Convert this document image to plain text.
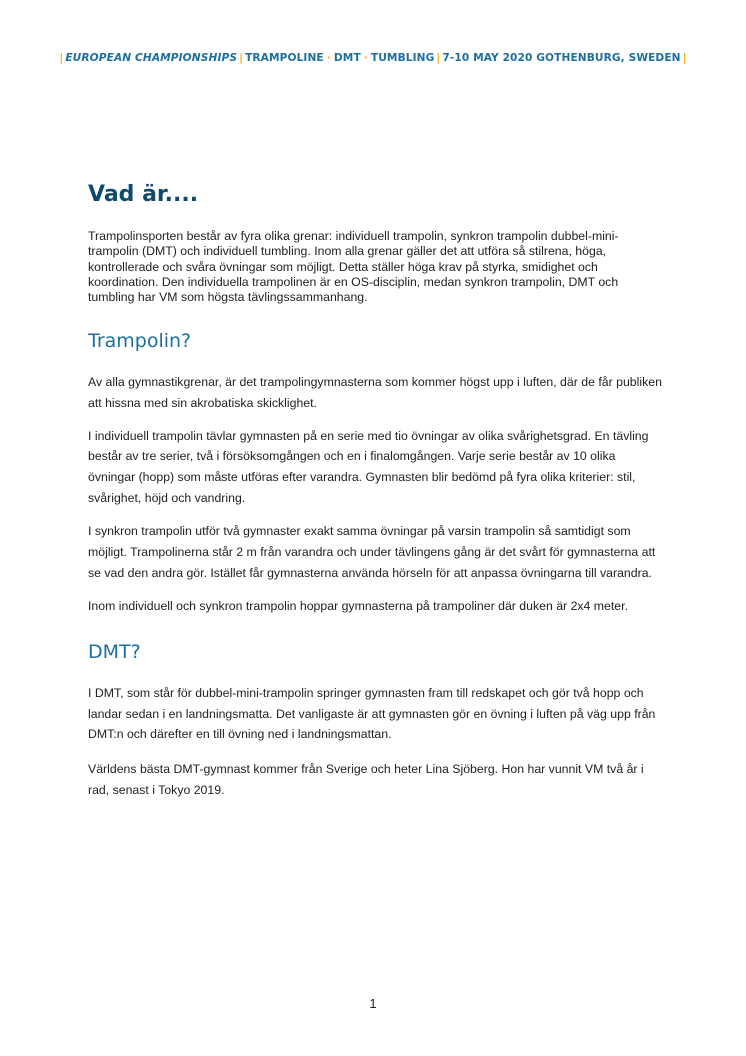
| EUROPEAN CHAMPIONSHIPS | TRAMPOLINE · DMT · TUMBLING | 7-10 MAY 2020 GOTHENBURG, SWEDEN |
Vad är....

Trampolinsporten består av fyra olika grenar: individuell trampolin, synkron trampolin dubbel-mini-trampolin (DMT) och individuell tumbling. Inom alla grenar gäller det att utföra så stilrena, höga, kontrollerade och svåra övningar som möjligt. Detta ställer höga krav på styrka, smidighet och koordination. Den individuella trampolinen är en OS-disciplin, medan synkron trampolin, DMT och tumbling har VM som högsta tävlingssammanhang.

Trampolin?

Av alla gymnastikgrenar, är det trampolingymnasterna som kommer högst upp i luften, där de får publiken att hissna med sin akrobatiska skicklighet.

I individuell trampolin tävlar gymnasten på en serie med tio övningar av olika svårighetsgrad. En tävling består av tre serier, två i försöksomgången och en i finalomgången. Varje serie består av 10 olika övningar (hopp) som måste utföras efter varandra. Gymnasten blir bedömd på fyra olika kriterier: stil, svårighet, höjd och vandring.

I synkron trampolin utför två gymnaster exakt samma övningar på varsin trampolin så samtidigt som möjligt. Trampolinerna står 2 m från varandra och under tävlingens gång är det svårt för gymnasterna att se vad den andra gör. Istället får gymnasterna använda hörseln för att anpassa övningarna till varandra.

Inom individuell och synkron trampolin hoppar gymnasterna på trampoliner där duken är 2x4 meter.

DMT?

I DMT, som står för dubbel-mini-trampolin springer gymnasten fram till redskapet och gör två hopp och landar sedan i en landningsmatta. Det vanligaste är att gymnasten gör en övning i luften på väg upp från DMT:n och därefter en till övning ned i landningsmattan.

Världens bästa DMT-gymnast kommer från Sverige och heter Lina Sjöberg. Hon har vunnit VM två år i rad, senast i Tokyo 2019.

1
